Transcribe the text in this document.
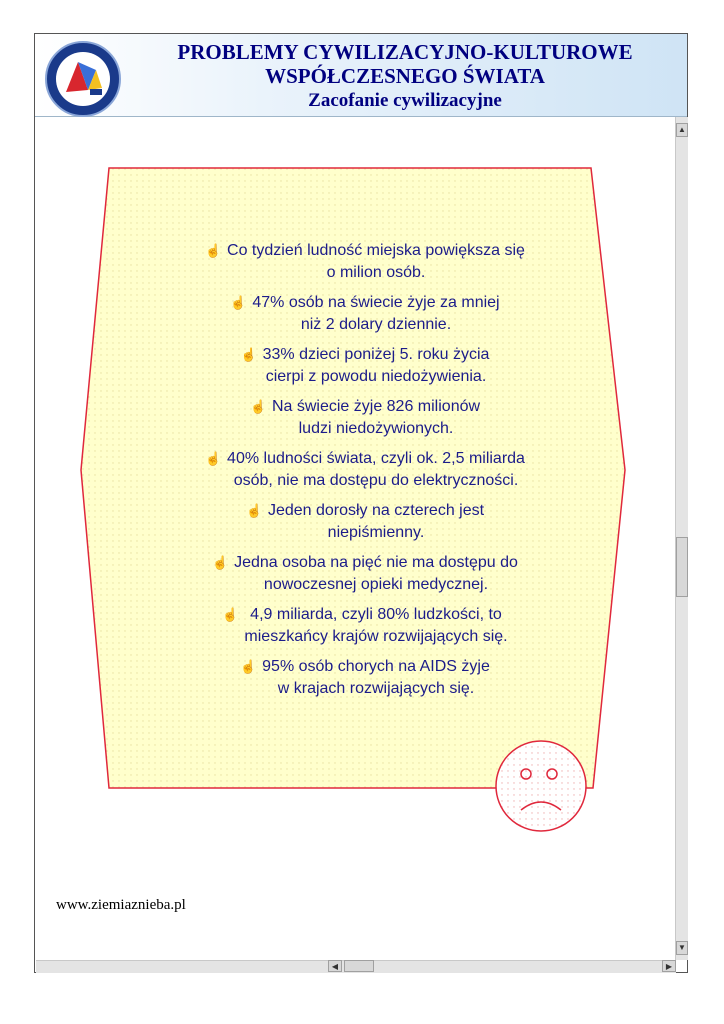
PROBLEMY CYWILIZACYJNO-KULTUROWE
WSPÓŁCZESNEGO ŚWIATA
Zacofanie cywilizacyjne
▲
▼
◀	▶
☝ Co tydzień ludność miejska powiększa się
o milion osób.
☝ 47% osób na świecie żyje za mniej
niż 2 dolary dziennie.
☝ 33% dzieci poniżej 5. roku życia
cierpi z powodu niedożywienia.
☝ Na świecie żyje 826 milionów
ludzi niedożywionych.
☝ 40% ludności świata, czyli ok. 2,5 miliarda
osób, nie ma dostępu do elektryczności.
☝ Jeden dorosły na czterech jest
niepiśmienny.
☝ Jedna osoba na pięć nie ma dostępu do
nowoczesnej opieki medycznej.
☝ 4,9 miliarda, czyli 80% ludzkości, to
mieszkańcy krajów rozwijających się.
☝ 95% osób chorych na AIDS żyje
w krajach rozwijających się.
www.ziemiaznieba.pl
